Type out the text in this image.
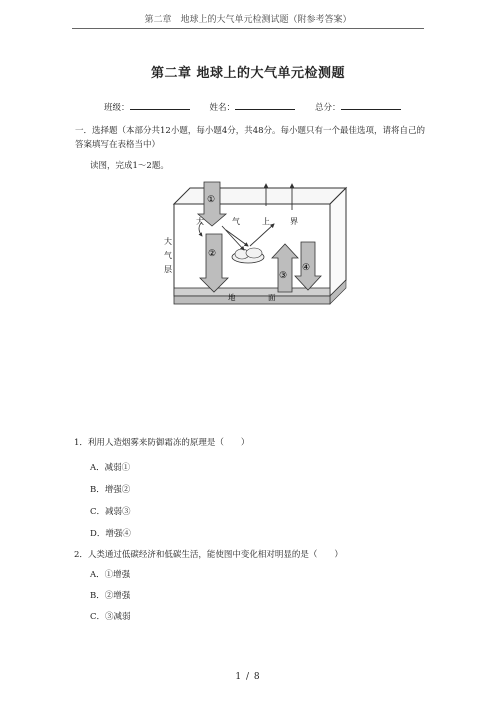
第二章　地球上的大气单元检测试题（附参考答案）
第二章 地球上的大气单元检测题
班级：	姓名：	总分：
一．选择题（本部分共12小题，每小题4分，共48分。每小题只有一个最佳选项，请将自己的答案填写在表格当中）
读图，完成1～2题。
大	气	上	界
大
气
层
地	面
①
②
③
④
1．利用人造烟雾来防御霜冻的原理是（　　）
A．减弱①
B．增强②
C．减弱③
D．增强④
2．人类通过低碳经济和低碳生活，能使图中变化相对明显的是（　　）
A．①增强
B．②增强
C．③减弱
1 / 8
